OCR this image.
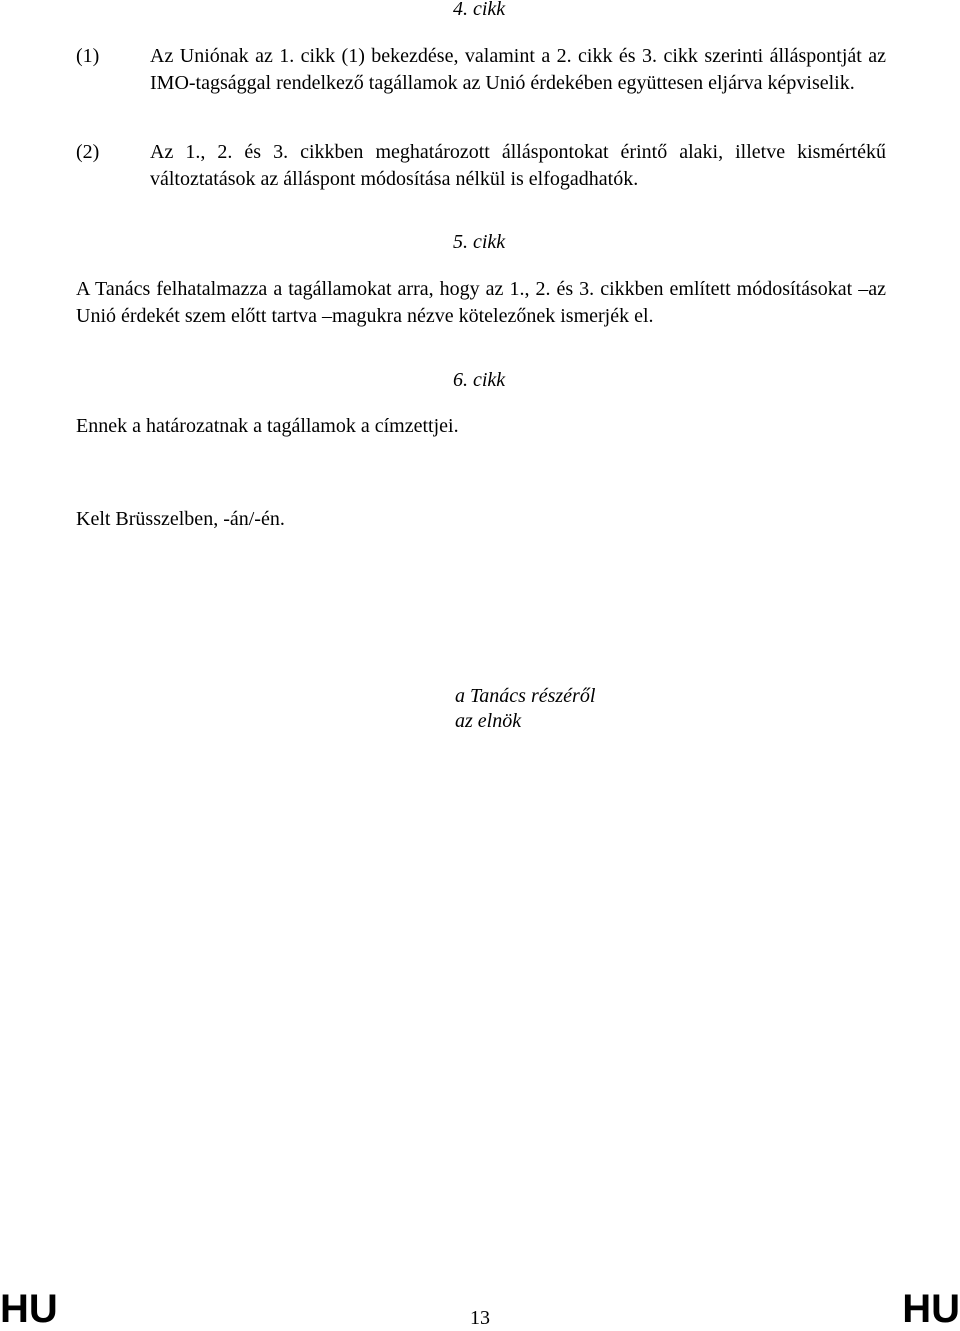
4. cikk
(1)	Az Uniónak az 1. cikk (1) bekezdése, valamint a 2. cikk és 3. cikk szerinti álláspontját az IMO-tagsággal rendelkező tagállamok az Unió érdekében együttesen eljárva képviselik.
(2)	Az 1., 2. és 3. cikkben meghatározott álláspontokat érintő alaki, illetve kismértékű változtatások az álláspont módosítása nélkül is elfogadhatók.
5. cikk
A Tanács felhatalmazza a tagállamokat arra, hogy az 1., 2. és 3. cikkben említett módosításokat ‒az Unió érdekét szem előtt tartva ‒magukra nézve kötelezőnek ismerjék el.
6. cikk
Ennek a határozatnak a tagállamok a címzettjei.
Kelt Brüsszelben, -án/-én.
a Tanács részéről
az elnök
HU	13	HU
